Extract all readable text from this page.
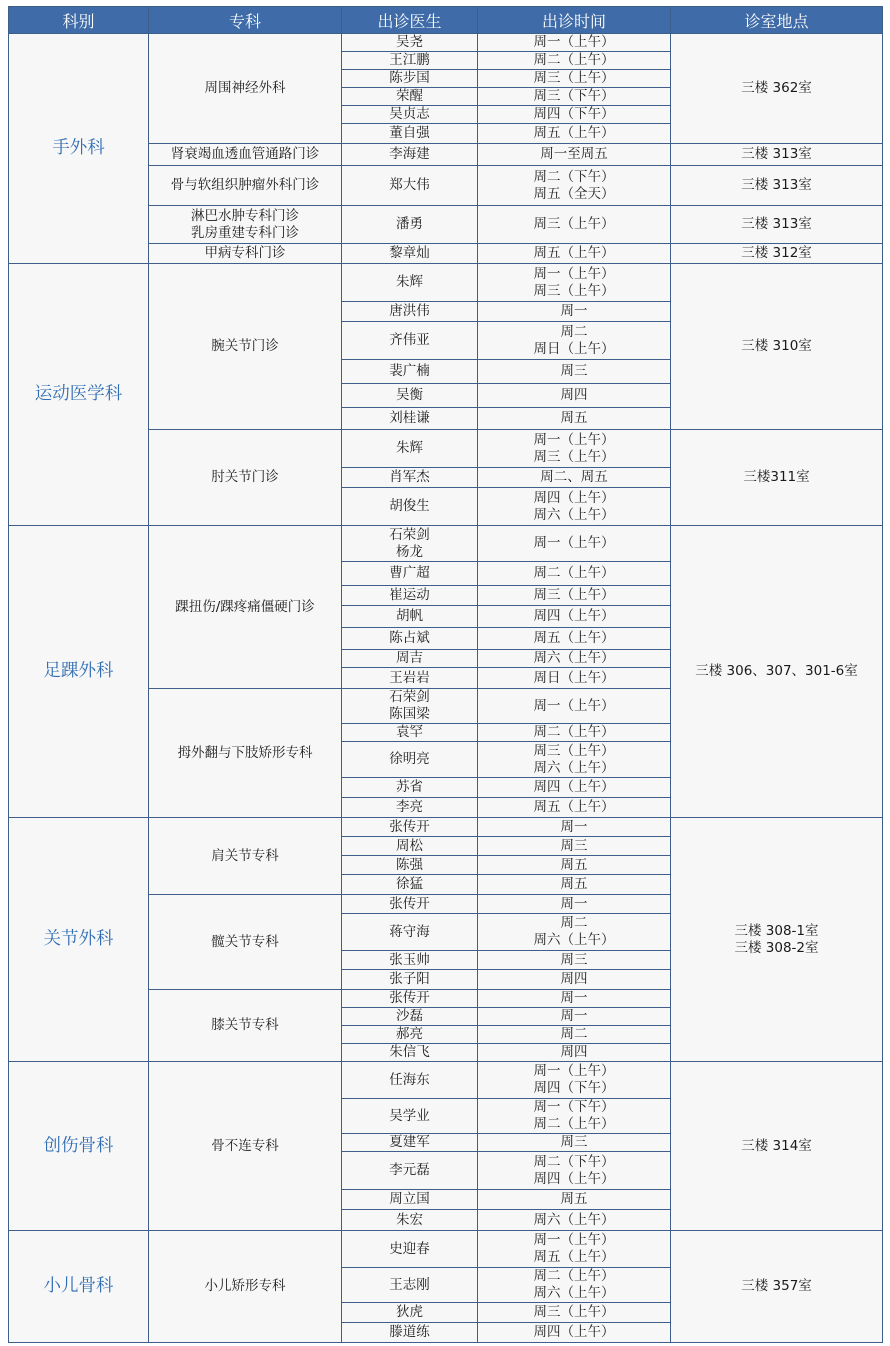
科别	专科	出诊医生	出诊时间	诊室地点
手外科	周围神经外科	吴尧	周一（上午）	三楼 362室

		王江鹏	周二（上午）	

		陈步国	周三（上午）	

		荣醒	周三（下午）	

		吴贞志	周四（下午）	

		董自强	周五（上午）	

	肾衰竭血透血管通路门诊	李海建	周一至周五	三楼 313室

	骨与软组织肿瘤外科门诊	郑大伟	周二（下午）
周五（全天）	三楼 313室

	淋巴水肿专科门诊
乳房重建专科门诊	潘勇	周三（上午）	三楼 313室

	甲病专科门诊	黎章灿	周五（上午）	三楼 312室

运动医学科	腕关节门诊	朱辉	周一（上午）
周三（上午）	三楼 310室

		唐洪伟	周一	

		齐伟亚	周二
周日（上午）	

		裴广楠	周三	

		吴衡	周四	

		刘桂谦	周五	

	肘关节门诊	朱辉	周一（上午）
周三（上午）	三楼311室

		肖军杰	周二、周五	

		胡俊生	周四（上午）
周六（上午）	

足踝外科	踝扭伤/踝疼痛僵硬门诊	石荣剑
杨龙	周一（上午）	三楼 306、307、301-6室

		曹广超	周二（上午）	

		崔运动	周三（上午）	

		胡帆	周四（上午）	

		陈占斌	周五（上午）	

		周吉	周六（上午）	

		王岩岩	周日（上午）	

	拇外翻与下肢矫形专科	石荣剑
陈国梁	周一（上午）	

		袁罕	周二（上午）	

		徐明亮	周三（上午）
周六（上午）	

		苏省	周四（上午）	

		李亮	周五（上午）	

关节外科	肩关节专科	张传开	周一	三楼 308-1室
三楼 308-2室

		周松	周三	

		陈强	周五	

		徐猛	周五	

	髋关节专科	张传开	周一	

		蒋守海	周二
周六（上午）	

		张玉帅	周三	

		张子阳	周四	

	膝关节专科	张传开	周一	

		沙磊	周一	

		郝亮	周二	

		朱信飞	周四	

创伤骨科	骨不连专科	任海东	周一（上午）
周四（下午）	三楼 314室

		吴学业	周一（下午）
周二（上午）	

		夏建军	周三	

		李元磊	周二（下午）
周四（上午）	

		周立国	周五	

		朱宏	周六（上午）	

小儿骨科	小儿矫形专科	史迎春	周一（上午）
周五（上午）	三楼 357室

		王志刚	周二（上午）
周六（上午）	

		狄虎	周三（上午）	

		滕道练	周四（上午）	
